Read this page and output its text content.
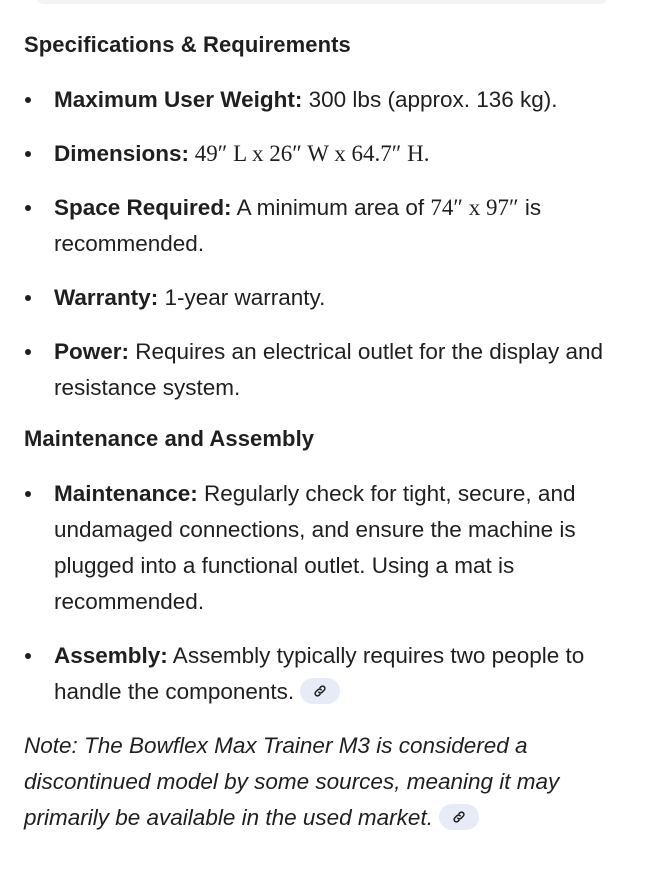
Specifications & Requirements
Maximum User Weight: 300 lbs (approx. 136 kg).
Dimensions: 49″ L x 26″ W x 64.7″ H.
Space Required: A minimum area of 74″ x 97″ is recommended.
Warranty: 1-year warranty.
Power: Requires an electrical outlet for the display and resistance system.
Maintenance and Assembly
Maintenance: Regularly check for tight, secure, and undamaged connections, and ensure the machine is plugged into a functional outlet. Using a mat is recommended.
Assembly: Assembly typically requires two people to handle the components.

Note: The Bowflex Max Trainer M3 is considered a discontinued model by some sources, meaning it may primarily be available in the used market.
